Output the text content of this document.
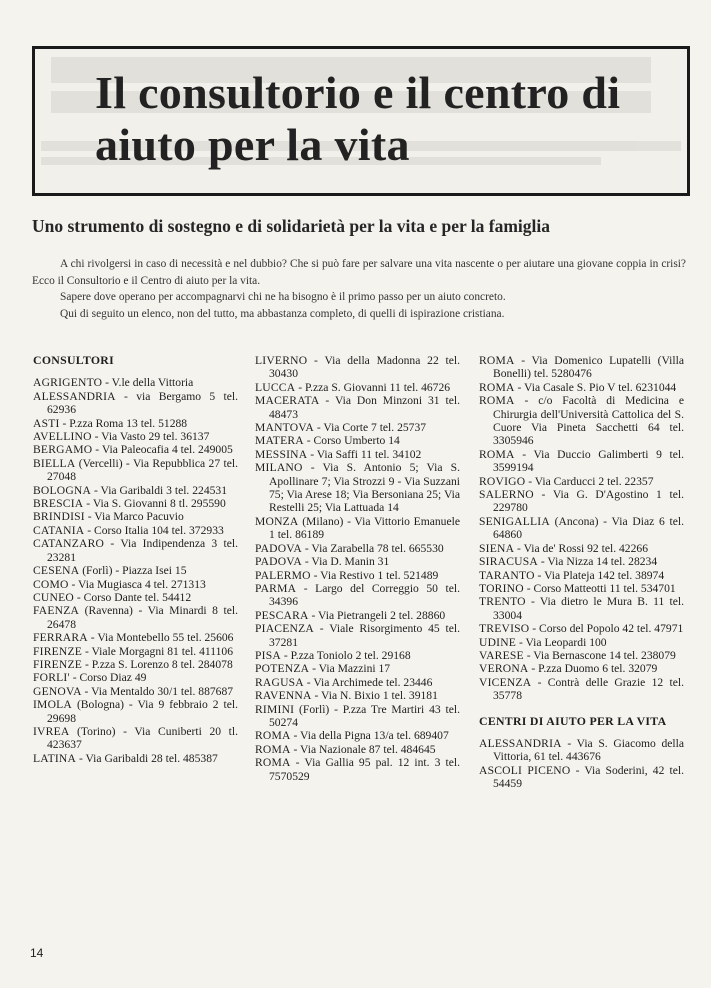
Il consultorio e il centro di aiuto per la vita
Uno strumento di sostegno e di solidarietà per la vita e per la famiglia

A chi rivolgersi in caso di necessità e nel dubbio? Che si può fare per salvare una vita nascente o per aiutare una giovane coppia in crisi? Ecco il Consultorio e il Centro di aiuto per la vita.

Sapere dove operano per accompagnarvi chi ne ha bisogno è il primo passo per un aiuto concreto.

Qui di seguito un elenco, non del tutto, ma abbastanza completo, di quelli di ispirazione cristiana.

CONSULTORI

AGRIGENTO - V.le della Vittoria

ALESSANDRIA - via Bergamo 5 tel. 62936

ASTI - P.zza Roma 13 tel. 51288

AVELLINO - Via Vasto 29 tel. 36137

BERGAMO - Via Paleocafia 4 tel. 249005

BIELLA (Vercelli) - Via Repubblica 27 tel. 27048

BOLOGNA - Via Garibaldi 3 tel. 224531

BRESCIA - Via S. Giovanni 8 tl. 295590

BRINDISI - Via Marco Pacuvio

CATANIA - Corso Italia 104 tel. 372933

CATANZARO - Via Indipendenza 3 tel. 23281

CESENA (Forlì) - Piazza Isei 15

COMO - Via Mugiasca 4 tel. 271313

CUNEO - Corso Dante tel. 54412

FAENZA (Ravenna) - Via Minardi 8 tel. 26478

FERRARA - Via Montebello 55 tel. 25606

FIRENZE - Viale Morgagni 81 tel. 411106

FIRENZE - P.zza S. Lorenzo 8 tel. 284078

FORLI' - Corso Diaz 49

GENOVA - Via Mentaldo 30/1 tel. 887687

IMOLA (Bologna) - Via 9 febbraio 2 tel. 29698

IVREA (Torino) - Via Cuniberti 20 tl. 423637

LATINA - Via Garibaldi 28 tel. 485387

LIVERNO - Via della Madonna 22 tel. 30430

LUCCA - P.zza S. Giovanni 11 tel. 46726

MACERATA - Via Don Minzoni 31 tel. 48473

MANTOVA - Via Corte 7 tel. 25737

MATERA - Corso Umberto 14

MESSINA - Via Saffi 11 tel. 34102

MILANO - Via S. Antonio 5; Via S. Apollinare 7; Via Strozzi 9 - Via Suzzani 75; Via Arese 18; Via Bersoniana 25; Via Restelli 25; Via Lattuada 14

MONZA (Milano) - Via Vittorio Emanuele 1 tel. 86189

PADOVA - Via Zarabella 78 tel. 665530

PADOVA - Via D. Manin 31

PALERMO - Via Restivo 1 tel. 521489

PARMA - Largo del Correggio 50 tel. 34396

PESCARA - Via Pietrangeli 2 tel. 28860

PIACENZA - Viale Risorgimento 45 tel. 37281

PISA - P.zza Toniolo 2 tel. 29168

POTENZA - Via Mazzini 17

RAGUSA - Via Archimede tel. 23446

RAVENNA - Via N. Bixio 1 tel. 39181

RIMINI (Forlì) - P.zza Tre Martiri 43 tel. 50274

ROMA - Via della Pigna 13/a tel. 689407

ROMA - Via Nazionale 87 tel. 484645

ROMA - Via Gallia 95 pal. 12 int. 3 tel. 7570529

ROMA - Via Domenico Lupatelli (Villa Bonelli) tel. 5280476

ROMA - Via Casale S. Pio V tel. 6231044

ROMA - c/o Facoltà di Medicina e Chirurgia dell'Università Cattolica del S. Cuore Via Pineta Sacchetti 64 tel. 3305946

ROMA - Via Duccio Galimberti 9 tel. 3599194

ROVIGO - Via Carducci 2 tel. 22357

SALERNO - Via G. D'Agostino 1 tel. 229780

SENIGALLIA (Ancona) - Via Diaz 6 tel. 64860

SIENA - Via de' Rossi 92 tel. 42266

SIRACUSA - Via Nizza 14 tel. 28234

TARANTO - Via Plateja 142 tel. 38974

TORINO - Corso Matteotti 11 tel. 534701

TRENTO - Via dietro le Mura B. 11 tel. 33004

TREVISO - Corso del Popolo 42 tel. 47971

UDINE - Via Leopardi 100

VARESE - Via Bernascone 14 tel. 238079

VERONA - P.zza Duomo 6 tel. 32079

VICENZA - Contrà delle Grazie 12 tel. 35778

CENTRI DI AIUTO PER LA VITA

ALESSANDRIA - Via S. Giacomo della Vittoria, 61 tel. 443676

ASCOLI PICENO - Via Soderini, 42 tel. 54459

14
